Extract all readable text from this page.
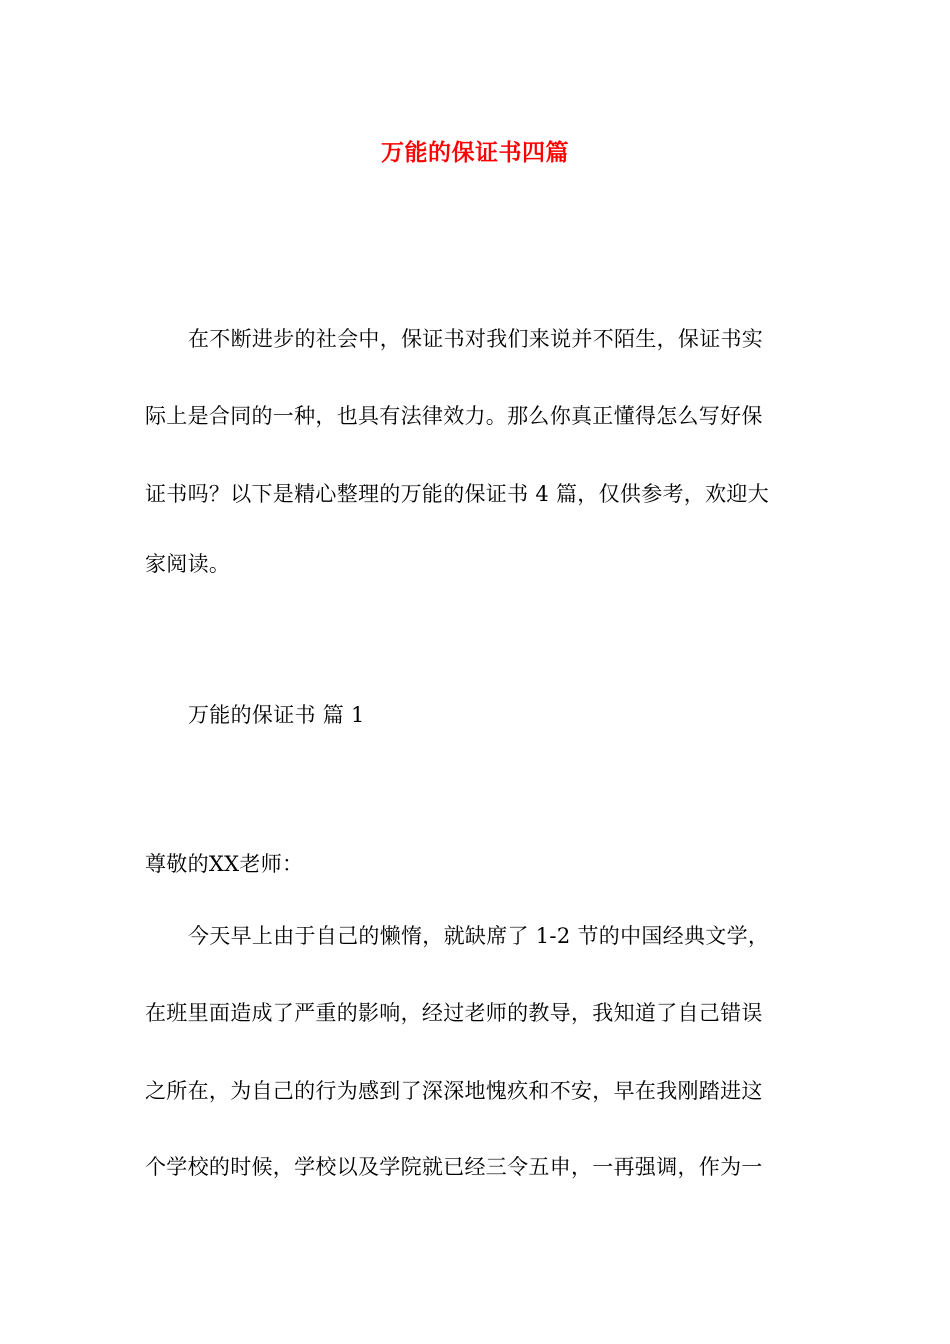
万能的保证书四篇
在不断进步的社会中，保证书对我们来说并不陌生，保证书实
际上是合同的一种，也具有法律效力。那么你真正懂得怎么写好保
证书吗？以下是精心整理的万能的保证书 4 篇，仅供参考，欢迎大
家阅读。
万能的保证书 篇 1
尊敬的XX老师：
今天早上由于自己的懒惰，就缺席了 1-2 节的中国经典文学，
在班里面造成了严重的影响，经过老师的教导，我知道了自己错误
之所在，为自己的行为感到了深深地愧疚和不安，早在我刚踏进这
个学校的时候，学校以及学院就已经三令五申，一再强调，作为一
